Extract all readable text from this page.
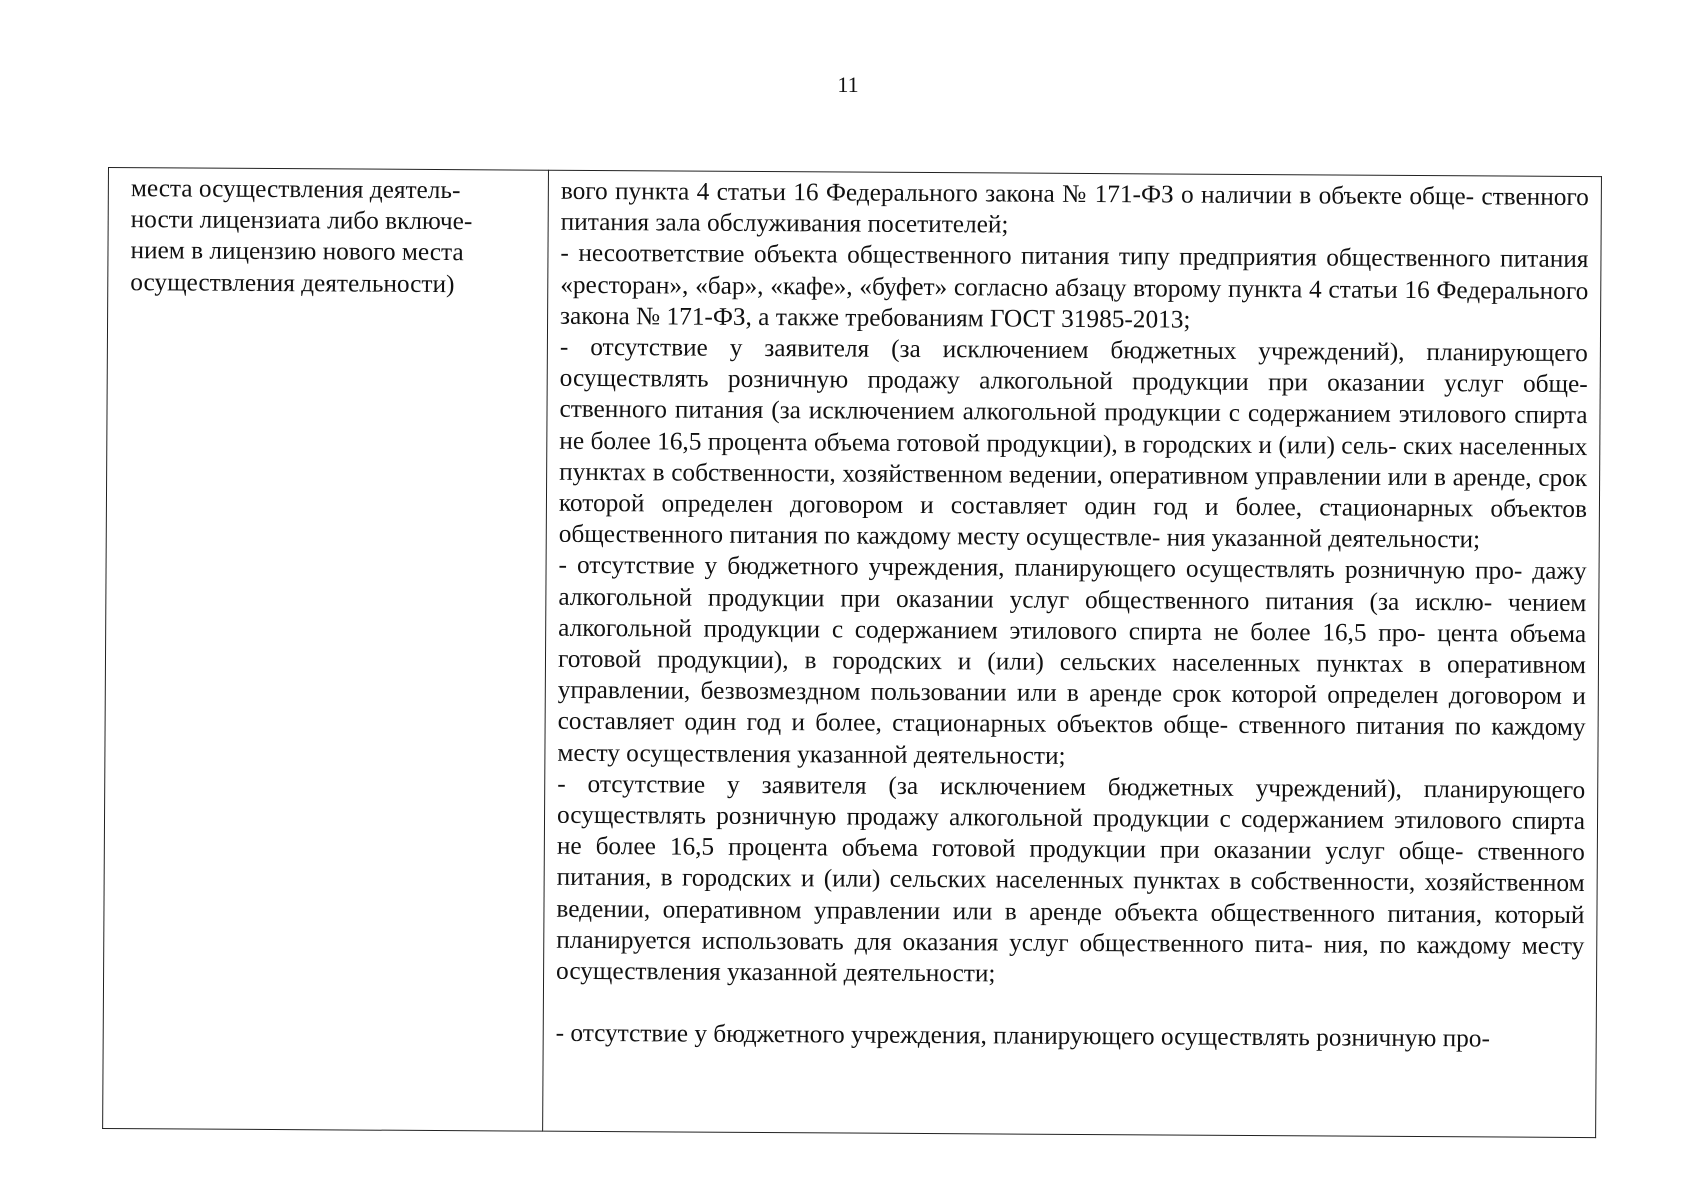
11
места осуществления деятель-
ности лицензиата либо включе-
нием в лицензию нового места
осуществления деятельности)

вого пункта 4 статьи 16 Федерального закона № 171-ФЗ о наличии в объекте обще- ственного питания зала обслуживания посетителей;

- несоответствие объекта общественного питания типу предприятия общественного питания «ресторан», «бар», «кафе», «буфет» согласно абзацу второму пункта 4 статьи 16 Федерального закона № 171-ФЗ, а также требованиям ГОСТ 31985-2013;

- отсутствие у заявителя (за исключением бюджетных учреждений), планирующего осуществлять розничную продажу алкогольной продукции при оказании услуг обще- ственного питания (за исключением алкогольной продукции с содержанием этилового спирта не более 16,5 процента объема готовой продукции), в городских и (или) сель- ских населенных пунктах в собственности, хозяйственном ведении, оперативном управлении или в аренде, срок которой определен договором и составляет один год и более, стационарных объектов общественного питания по каждому месту осуществле- ния указанной деятельности;

- отсутствие у бюджетного учреждения, планирующего осуществлять розничную про- дажу алкогольной продукции при оказании услуг общественного питания (за исклю- чением алкогольной продукции с содержанием этилового спирта не более 16,5 про- цента объема готовой продукции), в городских и (или) сельских населенных пунктах в оперативном управлении, безвозмездном пользовании или в аренде срок которой определен договором и составляет один год и более, стационарных объектов обще- ственного питания по каждому месту осуществления указанной деятельности;

- отсутствие у заявителя (за исключением бюджетных учреждений), планирующего осуществлять розничную продажу алкогольной продукции с содержанием этилового спирта не более 16,5 процента объема готовой продукции при оказании услуг обще- ственного питания, в городских и (или) сельских населенных пунктах в собственности, хозяйственном ведении, оперативном управлении или в аренде объекта общественного питания, который планируется использовать для оказания услуг общественного пита- ния, по каждому месту осуществления указанной деятельности;

- отсутствие у бюджетного учреждения, планирующего осуществлять розничную про-
